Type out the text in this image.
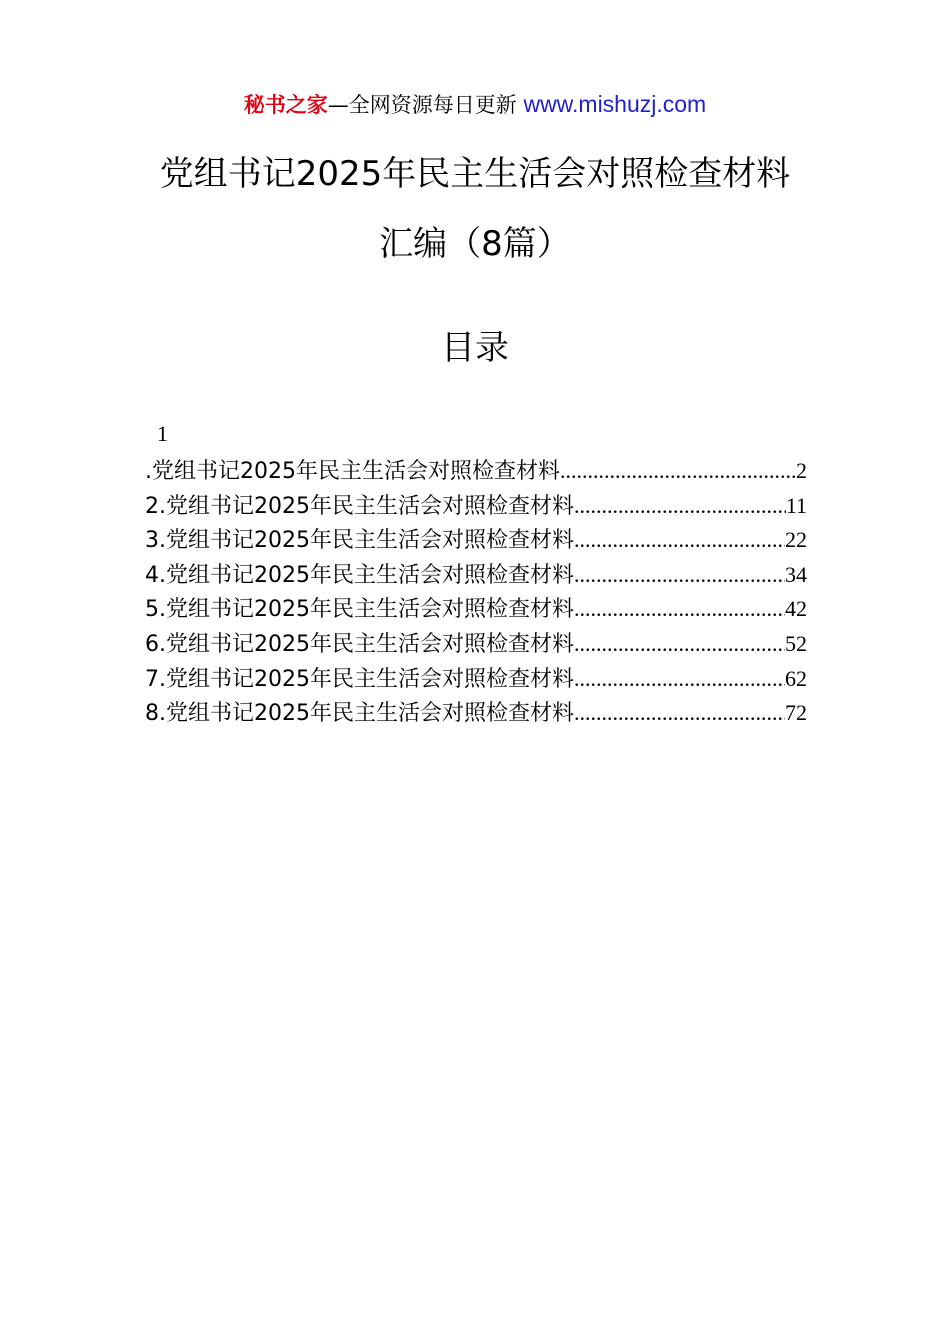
秘书之家—全网资源每日更新 www.mishuzj.com
党组书记2025年民主生活会对照检查材料
汇编（8篇）
目录
1
.党组书记2025年民主生活会对照检查材料 .....	2
2.党组书记2025年民主生活会对照检查材料 .....	11
3.党组书记2025年民主生活会对照检查材料 .....	22
4.党组书记2025年民主生活会对照检查材料 .....	34
5.党组书记2025年民主生活会对照检查材料 .....	42
6.党组书记2025年民主生活会对照检查材料 .....	52
7.党组书记2025年民主生活会对照检查材料 .....	62
8.党组书记2025年民主生活会对照检查材料 .....	72
